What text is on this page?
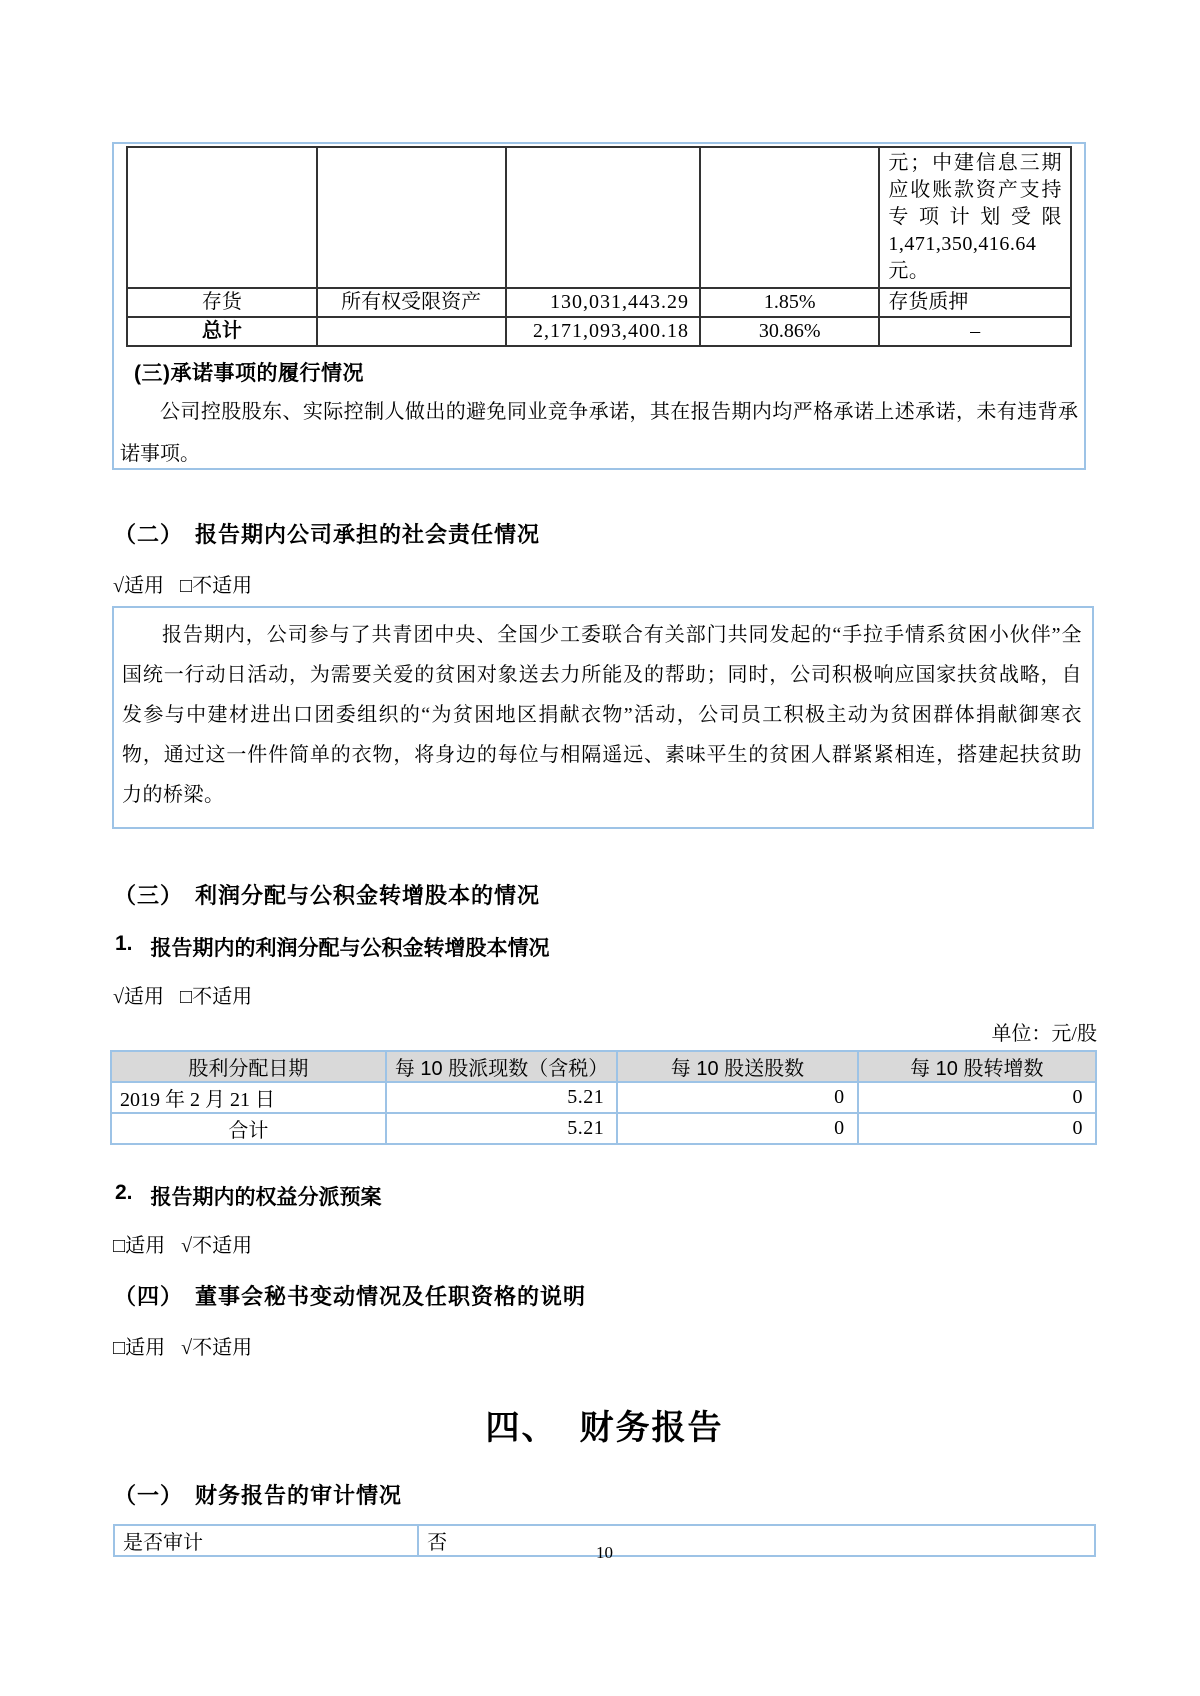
				元；中建信息三期应收账款资产支持专项计划受限1,471,350,416.64元。
存货	所有权受限资产	130,031,443.29	1.85%	存货质押
总计		2,171,093,400.18	30.86%	–
(三)承诺事项的履行情况

公司控股股东、实际控制人做出的避免同业竞争承诺，其在报告期内均严格承诺上述承诺，未有违背承诺事项。

（二） 报告期内公司承担的社会责任情况
√适用 □不适用

报告期内，公司参与了共青团中央、全国少工委联合有关部门共同发起的“手拉手情系贫困小伙伴”全国统一行动日活动，为需要关爱的贫困对象送去力所能及的帮助；同时，公司积极响应国家扶贫战略，自发参与中建材进出口团委组织的“为贫困地区捐献衣物”活动，公司员工积极主动为贫困群体捐献御寒衣物，通过这一件件简单的衣物，将身边的每位与相隔遥远、素味平生的贫困人群紧紧相连，搭建起扶贫助力的桥梁。

（三） 利润分配与公积金转增股本的情况
1. 报告期内的利润分配与公积金转增股本情况
√适用 □不适用
单位：元/股
股利分配日期	每 10 股派现数（含税）	每 10 股送股数	每 10 股转增数
2019 年 2 月 21 日	5.21	0	0
合计	5.21	0	0
2. 报告期内的权益分派预案
□适用 √不适用
（四） 董事会秘书变动情况及任职资格的说明
□适用 √不适用
四、 财务报告
（一） 财务报告的审计情况
是否审计	否	10
